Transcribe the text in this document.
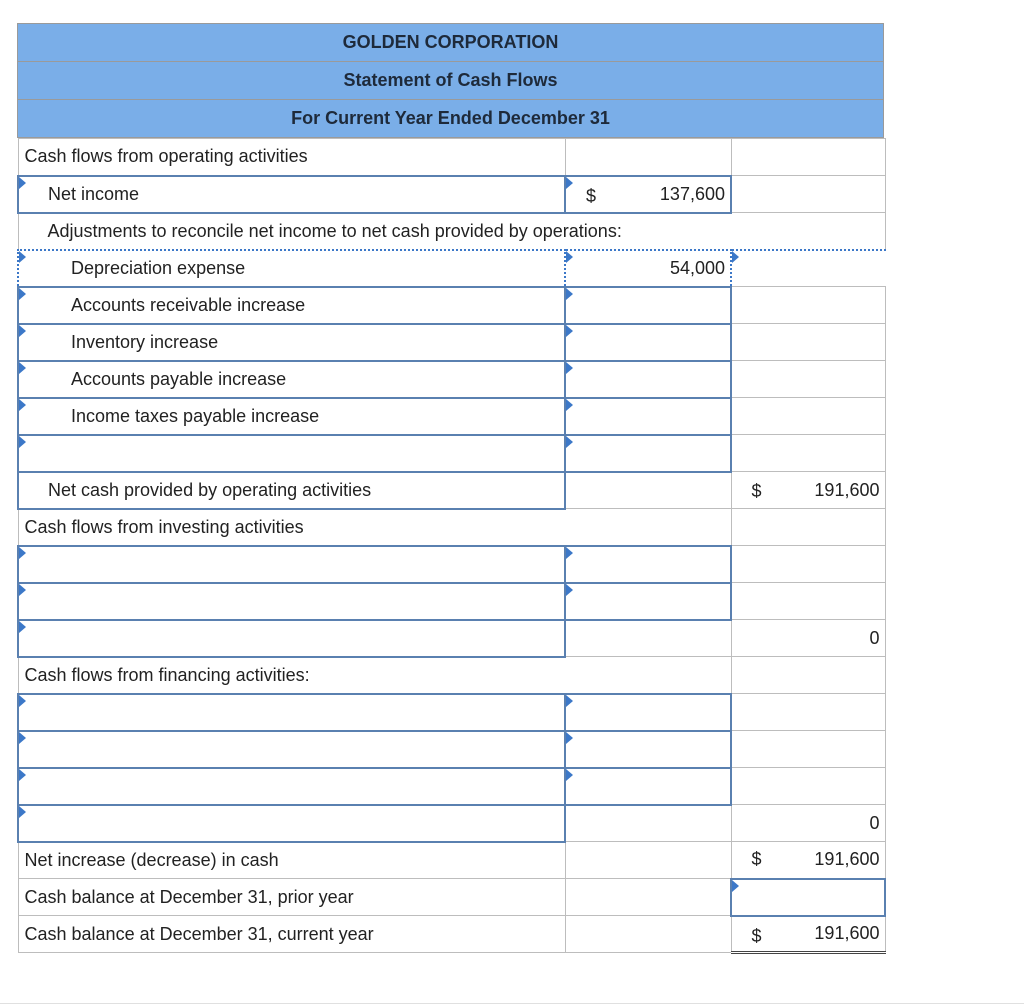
GOLDEN CORPORATION
Statement of Cash Flows
For Current Year Ended December 31
Cash flows from operating activities		
Net income	$ 137,600	
Adjustments to reconcile net income to net cash provided by operations:		
Depreciation expense	54,000	
Accounts receivable increase		
Inventory increase		
Accounts payable increase		
Income taxes payable increase		

Net cash provided by operating activities		$ 191,600
Cash flows from investing activities		

		0
Cash flows from financing activities:		

		0
Net increase (decrease) in cash		$ 191,600
Cash balance at December 31, prior year		
Cash balance at December 31, current year		$ 191,600
